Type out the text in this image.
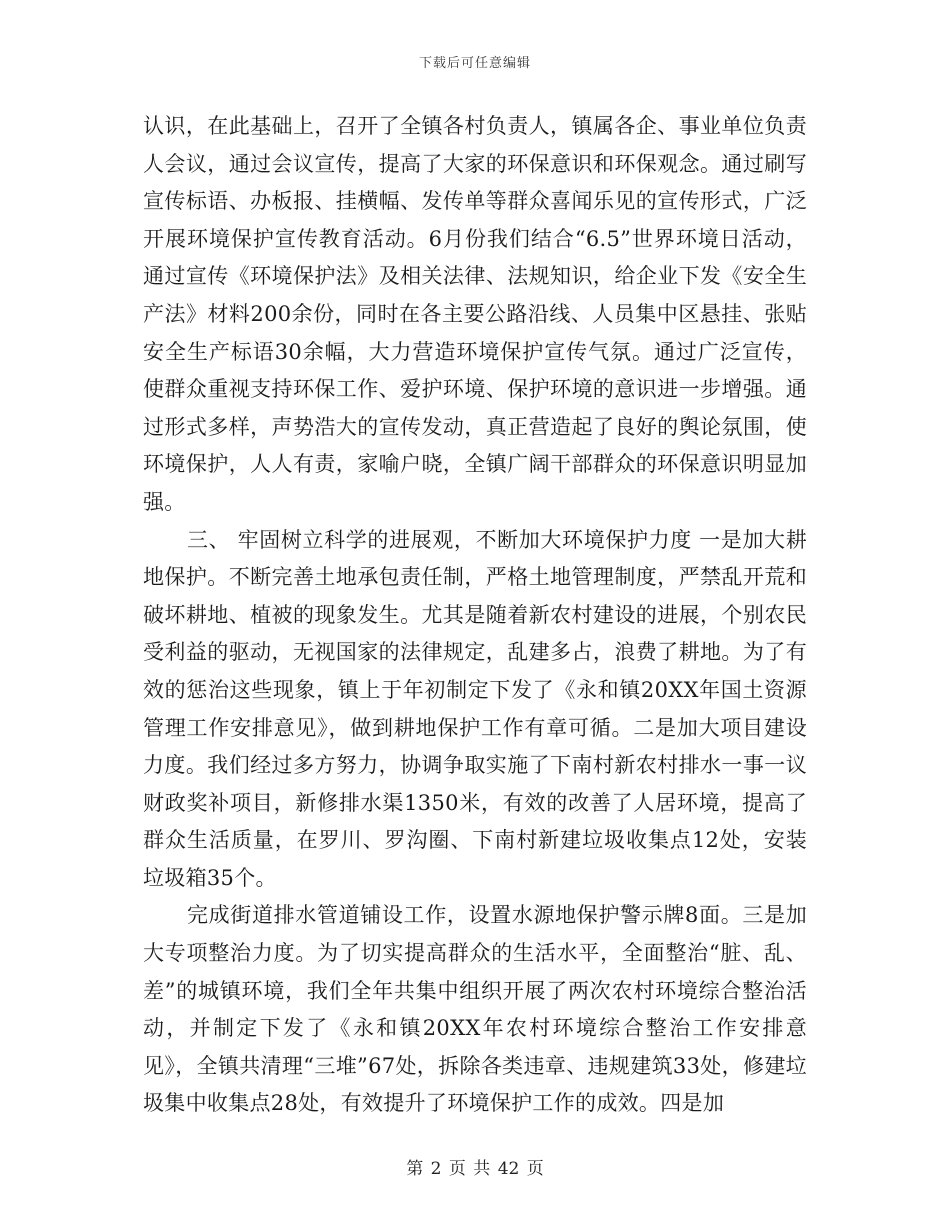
下载后可任意编辑

认识，在此基础上，召开了全镇各村负责人，镇属各企、事业单位负责人会议，通过会议宣传，提高了大家的环保意识和环保观念。通过刷写宣传标语、办板报、挂横幅、发传单等群众喜闻乐见的宣传形式，广泛开展环境保护宣传教育活动。6月份我们结合“6.5”世界环境日活动，通过宣传《环境保护法》及相关法律、法规知识，给企业下发《安全生产法》材料200余份，同时在各主要公路沿线、人员集中区悬挂、张贴安全生产标语30余幅，大力营造环境保护宣传气氛。通过广泛宣传，使群众重视支持环保工作、爱护环境、保护环境的意识进一步增强。通过形式多样，声势浩大的宣传发动，真正营造起了良好的舆论氛围，使环境保护，人人有责，家喻户晓，全镇广阔干部群众的环保意识明显加强。

三、 牢固树立科学的进展观，不断加大环境保护力度 一是加大耕地保护。不断完善土地承包责任制，严格土地管理制度，严禁乱开荒和破坏耕地、植被的现象发生。尤其是随着新农村建设的进展，个别农民受利益的驱动，无视国家的法律规定，乱建多占，浪费了耕地。为了有效的惩治这些现象，镇上于年初制定下发了《永和镇20XX年国土资源管理工作安排意见》，做到耕地保护工作有章可循。二是加大项目建设力度。我们经过多方努力，协调争取实施了下南村新农村排水一事一议财政奖补项目，新修排水渠1350米，有效的改善了人居环境，提高了群众生活质量，在罗川、罗沟圈、下南村新建垃圾收集点12处，安装垃圾箱35个。

完成街道排水管道铺设工作，设置水源地保护警示牌8面。三是加大专项整治力度。为了切实提高群众的生活水平，全面整治“脏、乱、差”的城镇环境，我们全年共集中组织开展了两次农村环境综合整治活动，并制定下发了《永和镇20XX年农村环境综合整治工作安排意见》，全镇共清理“三堆”67处，拆除各类违章、违规建筑33处，修建垃圾集中收集点28处，有效提升了环境保护工作的成效。四是加

第 2 页 共 42 页
